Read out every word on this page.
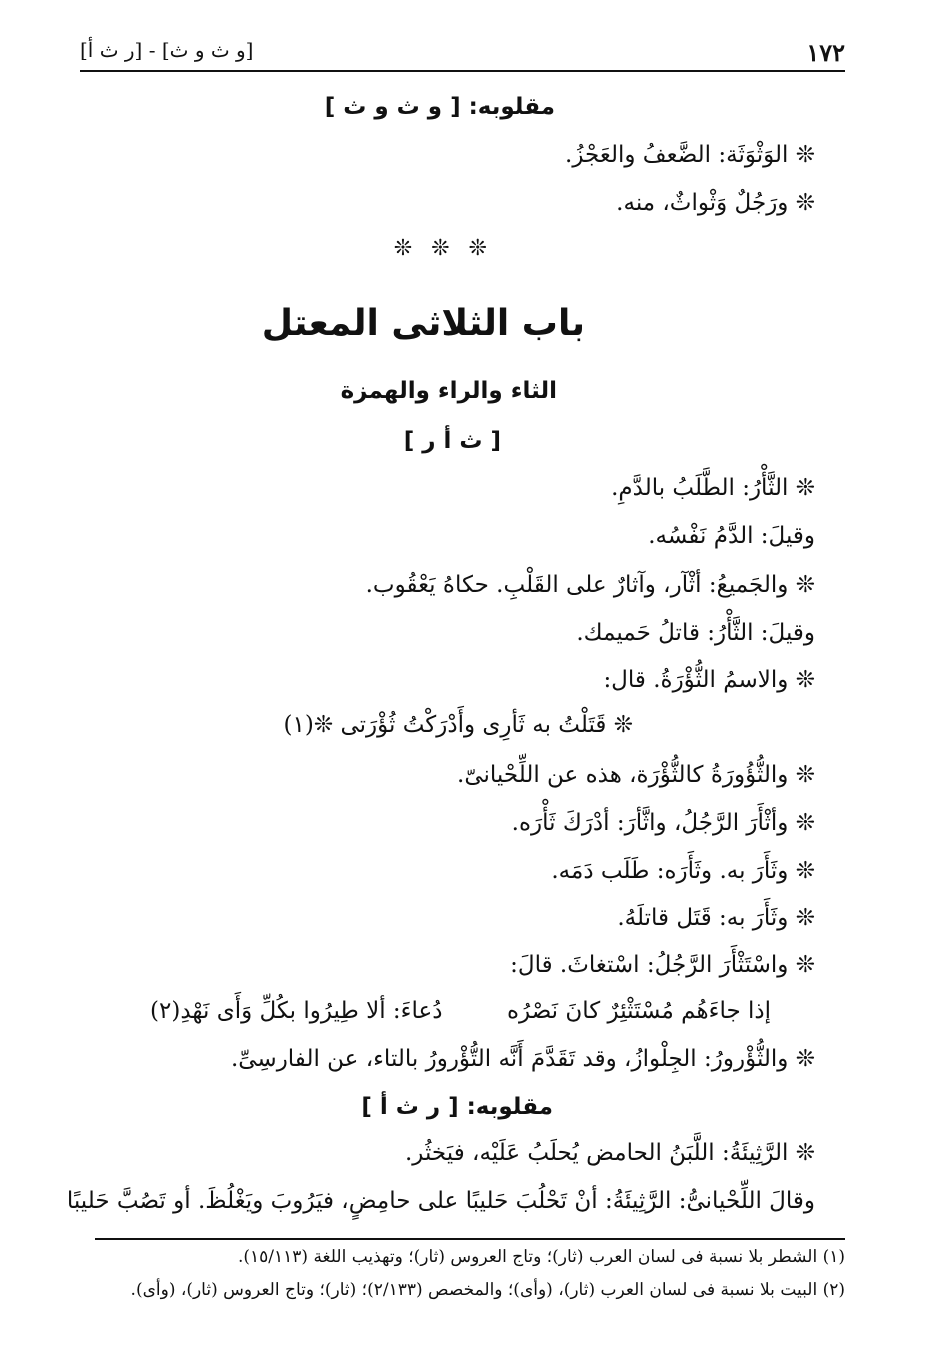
١٧٢
[و ث و ث] - [ر ث أ]
مقلوبه: [ و ث و ث ]
❊ الوَثْوَثَة: الضَّعفُ والعَجْزُ.
❊ ورَجُلٌ وَثْواثٌ، منه.
❊ ❊ ❊
باب الثلاثى المعتل
الثاء والراء والهمزة
[ ث أ ر ]
❊ الثَّأْرُ: الطَّلَبُ بالدَّمِ.
وقيلَ: الدَّمُ نَفْسُه.
❊ والجَميعُ: أثْآر، وآثارٌ على القَلْبِ. حكاهُ يَعْقُوب.
وقيلَ: الثَّأْرُ: قاتلُ حَميمك.
❊ والاسمُ الثُّؤْرَةُ. قال:
❊ قَتَلْتُ به ثَأرِى وأَدْرَكْتُ ثُؤْرَتى ❊(١)
❊ والثُّؤُورَةُ كالثُّؤْرَة، هذه عن اللِّحْيانىّ.
❊ وأثْأَرَ الرَّجُلُ، واثَّأرَ: أدْرَكَ ثَأْرَه.
❊ وثَأَرَ به. وثَأَرَه: طَلَب دَمَه.
❊ وثَأَرَ به: قَتَل قاتلَهُ.
❊ واسْتَثْأَرَ الرَّجُلُ: اسْتغاثَ. قالَ:
إذا جاءَهُم مُسْتَثْئِرٌ كانَ نَصْرُه
دُعاءَ: ألا طِيرُوا بكُلِّ وَأَى نَهْدِ(٢)
❊ والثُّؤْرورُ: الجِلْوازُ، وقد تَقَدَّمَ أَنَّه التُّؤْرورُ بالتاء، عن الفارسِىِّ.
مقلوبه: [ ر ث أ ]
❊ الرَّثِيئَةُ: اللَّبَنُ الحامض يُحلَبُ عَلَيْه، فيَخثُر.
وقالَ اللِّحْيانىُّ: الرَّثِيئَةُ: أنْ تَحْلُبَ حَليبًا على حامِضٍ، فيَرُوبَ ويَغْلُظَ. أو تَصُبَّ حَليبًا
(١) الشطر بلا نسبة فى لسان العرب (ثار)؛ وتاج العروس (ثار)؛ وتهذيب اللغة (١٥/١١٣).
(٢) البيت بلا نسبة فى لسان العرب (ثار)، (وأى)؛ والمخصص (٢/١٣٣)؛ (ثار)؛ وتاج العروس (ثار)، (وأى).
